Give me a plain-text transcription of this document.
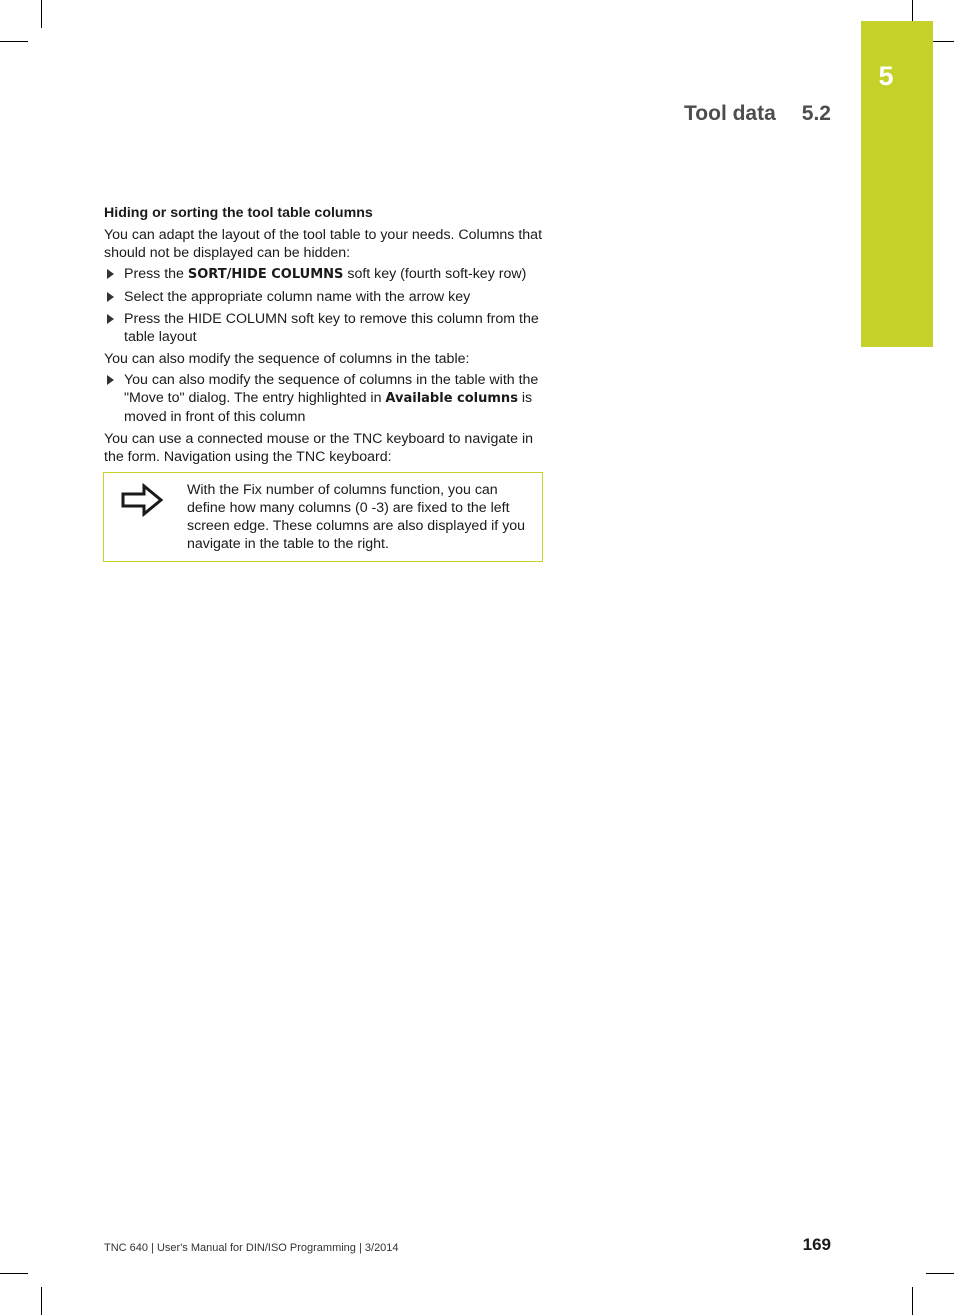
5
Tool data 5.2

Hiding or sorting the tool table columns

You can adapt the layout of the tool table to your needs. Columns that should not be displayed can be hidden:

Press the SORT/HIDE COLUMNS soft key (fourth soft-key row)
Select the appropriate column name with the arrow key
Press the HIDE COLUMN soft key to remove this column from the table layout

You can also modify the sequence of columns in the table:

You can also modify the sequence of columns in the table with the "Move to" dialog. The entry highlighted in Available columns is moved in front of this column

You can use a connected mouse or the TNC keyboard to navigate in the form. Navigation using the TNC keyboard:

With the Fix number of columns function, you can define how many columns (0 -3) are fixed to the left screen edge. These columns are also displayed if you navigate in the table to the right.
TNC 640 | User's Manual for DIN/ISO Programming | 3/2014	169
